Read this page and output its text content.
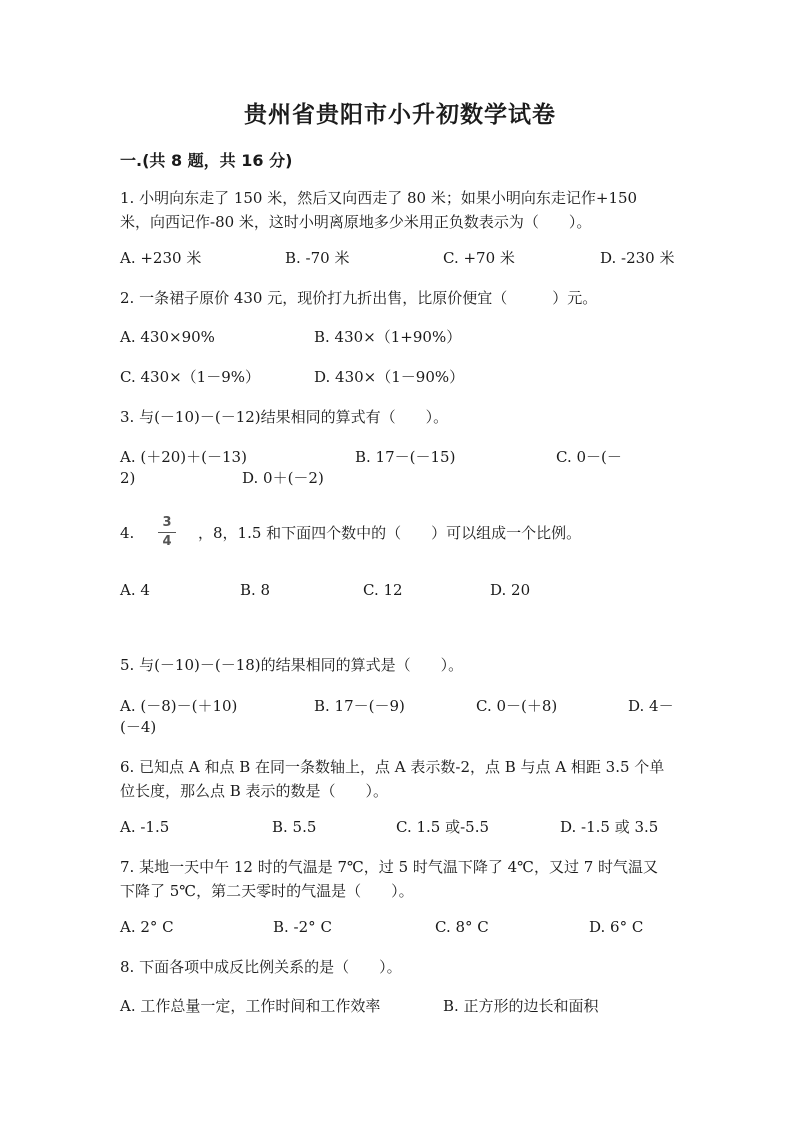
贵州省贵阳市小升初数学试卷
一.(共 8 题，共 16 分)
1. 小明向东走了 150 米，然后又向西走了 80 米；如果小明向东走记作+150
米，向西记作-80 米，这时小明离原地多少米用正负数表示为（　　）。
A. +230 米	B. -70 米	C. +70 米	D. -230 米
2. 一条裙子原价 430 元，现价打九折出售，比原价便宜（　　　）元。
A. 430×90%	B. 430×（1+90%）
C. 430×（1－9%）	D. 430×（1－90%）
3. 与(－10)－(－12)结果相同的算式有（　　）。
A. (＋20)＋(－13)	B. 17－(－15)	C. 0－(－
2)	D. 0＋(－2)
4.
3
4 ，8，1.5 和下面四个数中的（　　）可以组成一个比例。
A. 4	B. 8	C. 12	D. 20
5. 与(－10)－(－18)的结果相同的算式是（　　）。
A. (－8)－(＋10)	B. 17－(－9)	C. 0－(＋8)	D. 4－
(－4)
6. 已知点 A 和点 B 在同一条数轴上，点 A 表示数-2，点 B 与点 A 相距 3.5 个单
位长度，那么点 B 表示的数是（　　）。
A. -1.5	B. 5.5	C. 1.5 或-5.5	D. -1.5 或 3.5
7. 某地一天中午 12 时的气温是 7℃，过 5 时气温下降了 4℃，又过 7 时气温又
下降了 5℃，第二天零时的气温是（　　）。
A. 2° C	B. -2° C	C. 8° C	D. 6° C
8. 下面各项中成反比例关系的是（　　）。
A. 工作总量一定，工作时间和工作效率	B. 正方形的边长和面积
